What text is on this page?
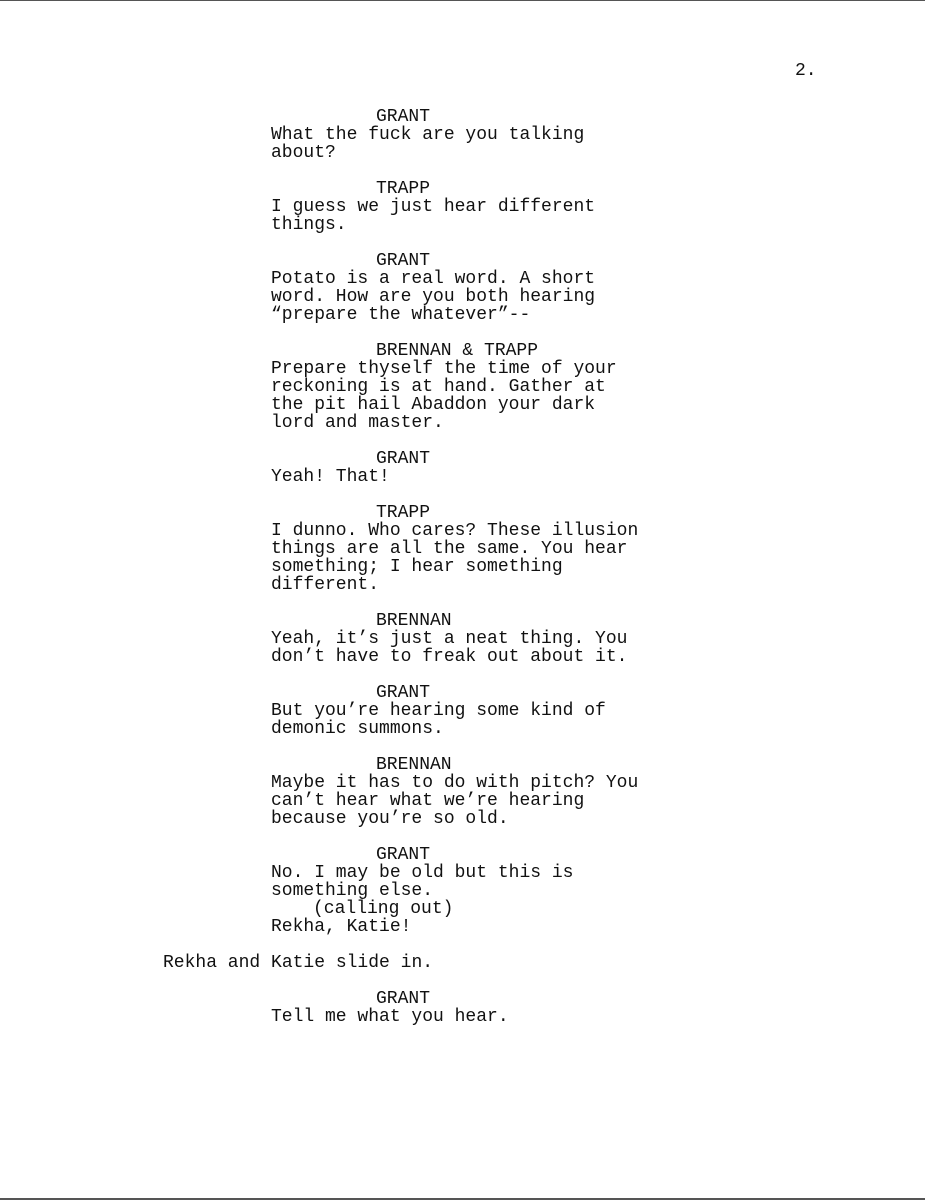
2.
GRANT
What the fuck are you talking
about?
TRAPP
I guess we just hear different
things.
GRANT
Potato is a real word. A short
word. How are you both hearing
“prepare the whatever”--
BRENNAN & TRAPP
Prepare thyself the time of your
reckoning is at hand. Gather at
the pit hail Abaddon your dark
lord and master.
GRANT
Yeah! That!
TRAPP
I dunno. Who cares? These illusion
things are all the same. You hear
something; I hear something
different.
BRENNAN
Yeah, it’s just a neat thing. You
don’t have to freak out about it.
GRANT
But you’re hearing some kind of
demonic summons.
BRENNAN
Maybe it has to do with pitch? You
can’t hear what we’re hearing
because you’re so old.
GRANT
No. I may be old but this is
something else.
(calling out)
Rekha, Katie!
Rekha and Katie slide in.
GRANT
Tell me what you hear.
